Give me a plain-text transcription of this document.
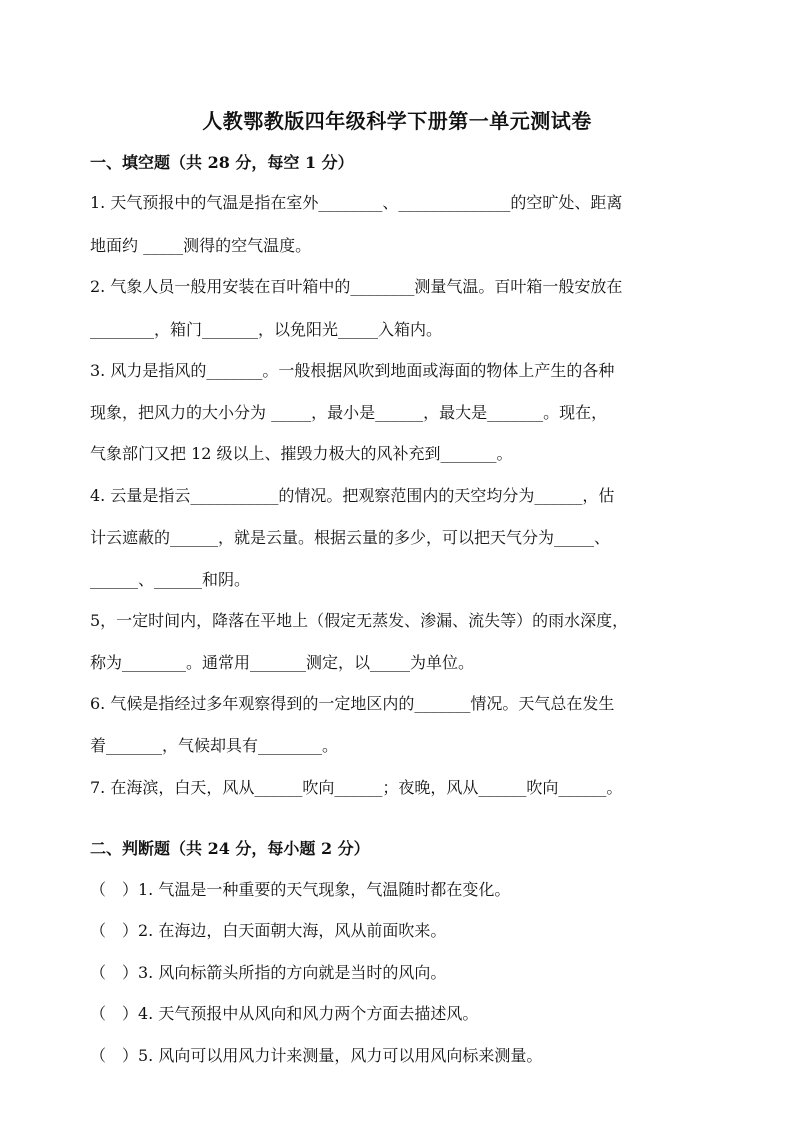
人教鄂教版四年级科学下册第一单元测试卷
一、填空题（共 28 分，每空 1 分）
1. 天气预报中的气温是指在室外________、______________的空旷处、距离
地面约 _____测得的空气温度。
2. 气象人员一般用安装在百叶箱中的________测量气温。百叶箱一般安放在
________，箱门_______，以免阳光_____入箱内。
3. 风力是指风的_______。一般根据风吹到地面或海面的物体上产生的各种
现象，把风力的大小分为 _____，最小是______，最大是_______。现在，
气象部门又把 12 级以上、摧毁力极大的风补充到_______。
4. 云量是指云___________的情况。把观察范围内的天空均分为______，估
计云遮蔽的______，就是云量。根据云量的多少，可以把天气分为_____、
______、______和阴。
5，一定时间内，降落在平地上（假定无蒸发、渗漏、流失等）的雨水深度，
称为________。通常用_______测定，以_____为单位。
6. 气候是指经过多年观察得到的一定地区内的_______情况。天气总在发生
着_______，气候却具有________。
7. 在海滨，白天，风从______吹向______；夜晚，风从______吹向______。
二、判断题（共 24 分，每小题 2 分）
（　）1. 气温是一种重要的天气现象，气温随时都在变化。
（　）2. 在海边，白天面朝大海，风从前面吹来。
（　）3. 风向标箭头所指的方向就是当时的风向。
（　）4. 天气预报中从风向和风力两个方面去描述风。
（　）5. 风向可以用风力计来测量，风力可以用风向标来测量。
